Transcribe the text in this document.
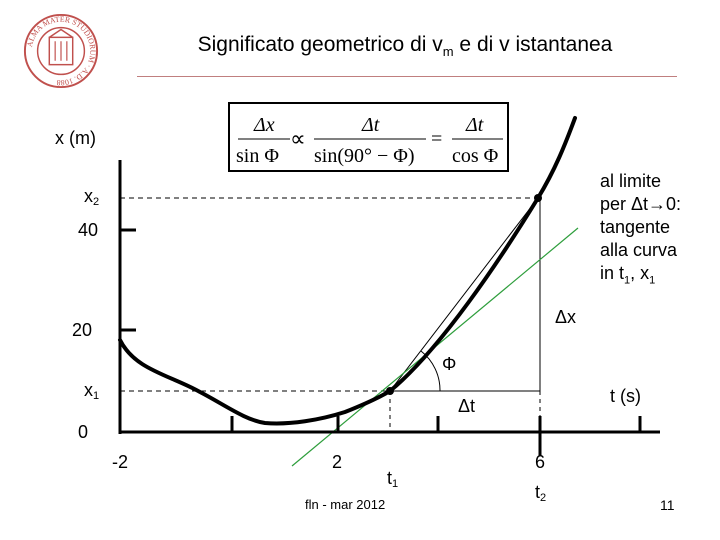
ALMA MATER STUDIORUM · A.D. 1088
Significato geometrico di $v_m$ e di v istantanea
Δx
sin Φ
∝
Δt
sin(90° − Φ)
=
Δt
cos Φ
x (m)
t (s)
40
20
0
-2	2	6
$x_2$
$x_1$
$t_1$	$t_2$
Δx
Δt
Φ
al limite
per Δt→0:
tangente
alla curva
in $t_1$, $x_1$
fln - mar 2012	11
